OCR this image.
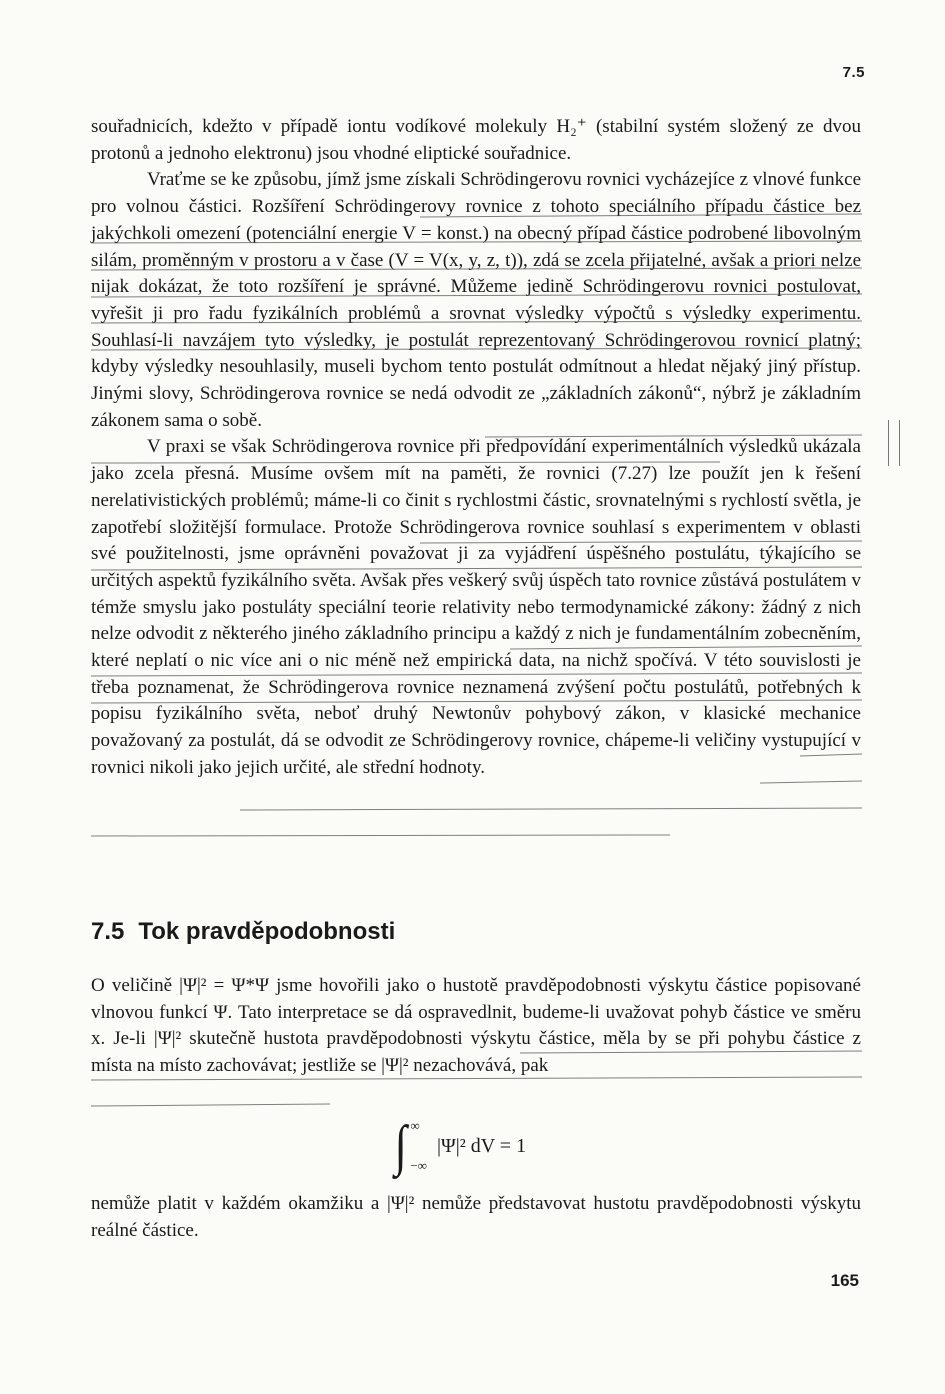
7.5

souřadnicích, kdežto v případě iontu vodíkové molekuly H₂⁺ (stabilní systém složený ze dvou protonů a jednoho elektronu) jsou vhodné eliptické souřadnice.

Vraťme se ke způsobu, jímž jsme získali Schrödingerovu rovnici vycházejíce z vlnové funkce pro volnou částici. Rozšíření Schrödingerovy rovnice z tohoto speciálního případu částice bez jakýchkoli omezení (potenciální energie V = konst.) na obecný případ částice podrobené libovolným silám, proměnným v prostoru a v čase (V = V(x, y, z, t)), zdá se zcela přijatelné, avšak a priori nelze nijak dokázat, že toto rozšíření je správné. Můžeme jedině Schrödingerovu rovnici postulovat, vyřešit ji pro řadu fyzikálních problémů a srovnat výsledky výpočtů s výsledky experimentu. Souhlasí-li navzájem tyto výsledky, je postulát reprezentovaný Schrödingerovou rovnicí platný; kdyby výsledky nesouhlasily, museli bychom tento postulát odmítnout a hledat nějaký jiný přístup. Jinými slovy, Schrödingerova rovnice se nedá odvodit ze „základních zákonů“, nýbrž je základním zákonem sama o sobě.

V praxi se však Schrödingerova rovnice při předpovídání experimentálních výsledků ukázala jako zcela přesná. Musíme ovšem mít na paměti, že rovnici (7.27) lze použít jen k řešení nerelativistických problémů; máme-li co činit s rychlostmi částic, srovnatelnými s rychlostí světla, je zapotřebí složitější formulace. Protože Schrödingerova rovnice souhlasí s experimentem v oblasti své použitelnosti, jsme oprávněni považovat ji za vyjádření úspěšného postulátu, týkajícího se určitých aspektů fyzikálního světa. Avšak přes veškerý svůj úspěch tato rovnice zůstává postulátem v témže smyslu jako postuláty speciální teorie relativity nebo termodynamické zákony: žádný z nich nelze odvodit z některého jiného základního principu a každý z nich je fundamentálním zobecněním, které neplatí o nic více ani o nic méně než empirická data, na nichž spočívá. V této souvislosti je třeba poznamenat, že Schrödingerova rovnice neznamená zvýšení počtu postulátů, potřebných k popisu fyzikálního světa, neboť druhý Newtonův pohybový zákon, v klasické mechanice považovaný za postulát, dá se odvodit ze Schrödingerovy rovnice, chápeme-li veličiny vystupující v rovnici nikoli jako jejich určité, ale střední hodnoty.

7.5 Tok pravděpodobnosti

O veličině |Ψ|² = Ψ*Ψ jsme hovořili jako o hustotě pravděpodobnosti výskytu částice popisované vlnovou funkcí Ψ. Tato interpretace se dá ospravedlnit, budeme-li uvažovat pohyb částice ve směru x. Je-li |Ψ|² skutečně hustota pravděpodobnosti výskytu částice, měla by se při pohybu částice z místa na místo zachovávat; jestliže se |Ψ|² nezachovává, pak

∫ ∞
−∞
|Ψ|² dV = 1

nemůže platit v každém okamžiku a |Ψ|² nemůže představovat hustotu pravděpodobnosti výskytu reálné částice.

165
